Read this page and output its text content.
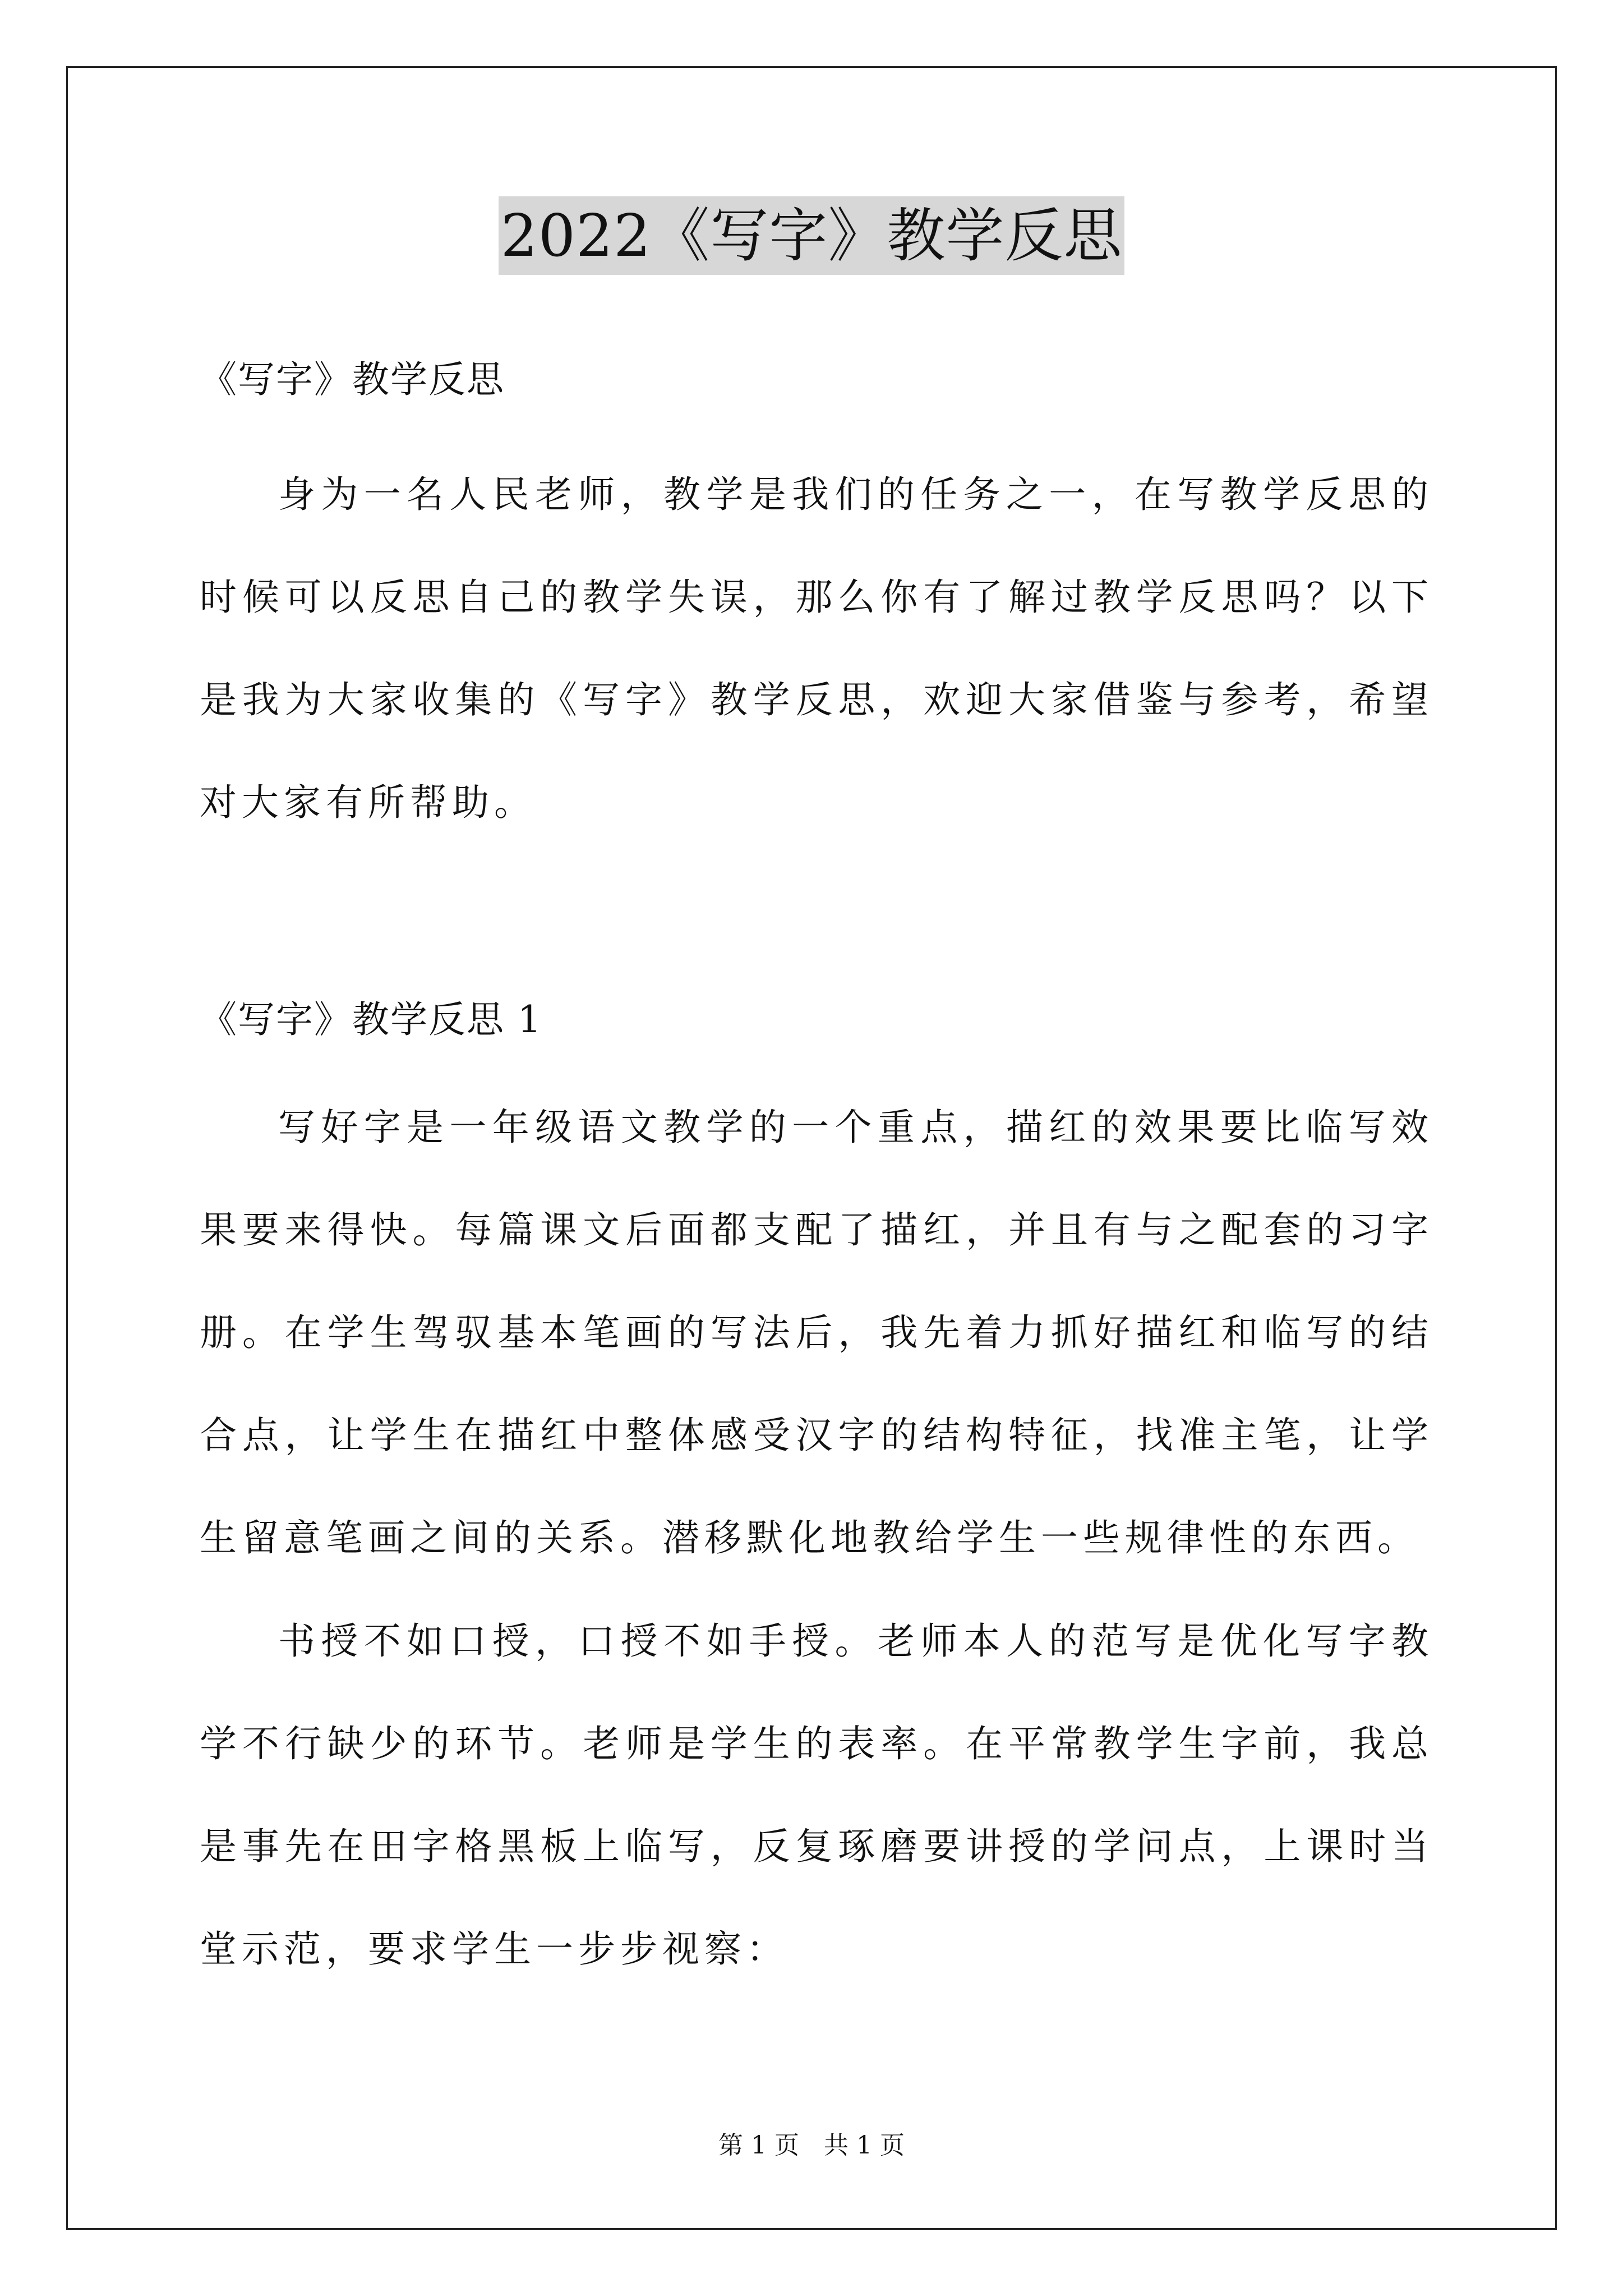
2022《写字》教学反思
《写字》教学反思
身为一名人民老师，教学是我们的任务之一，在写教学反思的时候可以反思自己的教学失误，那么你有了解过教学反思吗？以下是我为大家收集的《写字》教学反思，欢迎大家借鉴与参考，希望对大家有所帮助。
《写字》教学反思 1
写好字是一年级语文教学的一个重点，描红的效果要比临写效果要来得快。每篇课文后面都支配了描红，并且有与之配套的习字册。在学生驾驭基本笔画的写法后，我先着力抓好描红和临写的结合点，让学生在描红中整体感受汉字的结构特征，找准主笔，让学生留意笔画之间的关系。潜移默化地教给学生一些规律性的东西。
书授不如口授，口授不如手授。老师本人的范写是优化写字教学不行缺少的环节。老师是学生的表率。在平常教学生字前，我总是事先在田字格黑板上临写，反复琢磨要讲授的学问点，上课时当堂示范，要求学生一步步视察：
第 1 页　共 1 页
